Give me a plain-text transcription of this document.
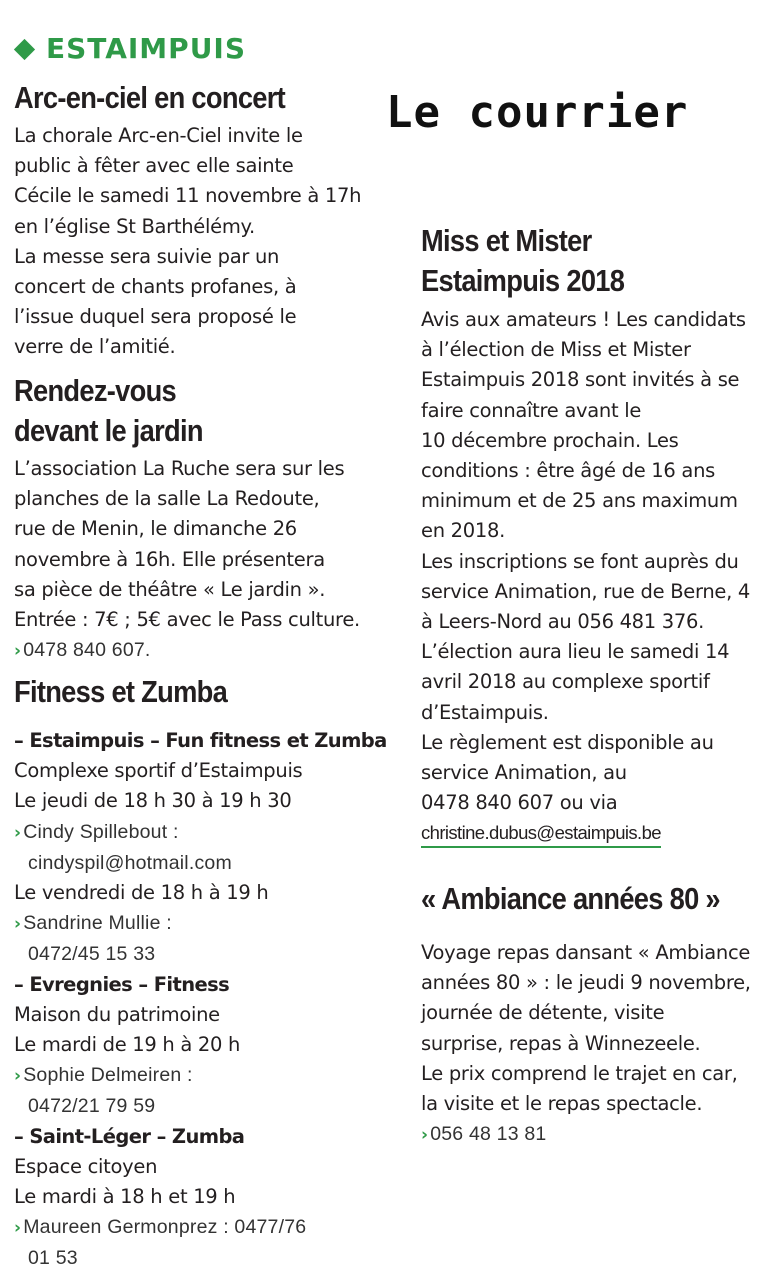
ESTAIMPUIS
Le courrier
Arc-en-ciel en concert
La chorale Arc-en-Ciel invite le
public à fêter avec elle sainte
Cécile le samedi 11 novembre à 17h
en l’église St Barthélémy.
La messe sera suivie par un
concert de chants profanes, à
l’issue duquel sera proposé le
verre de l’amitié.
Rendez-vous
devant le jardin
L’association La Ruche sera sur les
planches de la salle La Redoute,
rue de Menin, le dimanche 26
novembre à 16h. Elle présentera
sa pièce de théâtre « Le jardin ».
Entrée : 7€ ; 5€ avec le Pass culture.
› 0478 840 607.
Fitness et Zumba
– Estaimpuis – Fun fitness et Zumba
Complexe sportif d’Estaimpuis
Le jeudi de 18 h 30 à 19 h 30
› Cindy Spillebout :
cindyspil@hotmail.com
Le vendredi de 18 h à 19 h
› Sandrine Mullie :
0472/45 15 33
– Evregnies – Fitness
Maison du patrimoine
Le mardi de 19 h à 20 h
› Sophie Delmeiren :
0472/21 79 59
– Saint-Léger – Zumba
Espace citoyen
Le mardi à 18 h et 19 h
› Maureen Germonprez : 0477/76
01 53
Miss et Mister
Estaimpuis 2018
Avis aux amateurs ! Les candidats
à l’élection de Miss et Mister
Estaimpuis 2018 sont invités à se
faire connaître avant le
10 décembre prochain. Les
conditions : être âgé de 16 ans
minimum et de 25 ans maximum
en 2018.
Les inscriptions se font auprès du
service Animation, rue de Berne, 4
à Leers-Nord au 056 481 376.
L’élection aura lieu le samedi 14
avril 2018 au complexe sportif
d’Estaimpuis.
Le règlement est disponible au
service Animation, au
0478 840 607 ou via
christine.dubus@estaimpuis.be
« Ambiance années 80 »
Voyage repas dansant « Ambiance
années 80 » : le jeudi 9 novembre,
journée de détente, visite
surprise, repas à Winnezeele.
Le prix comprend le trajet en car,
la visite et le repas spectacle.
› 056 48 13 81
